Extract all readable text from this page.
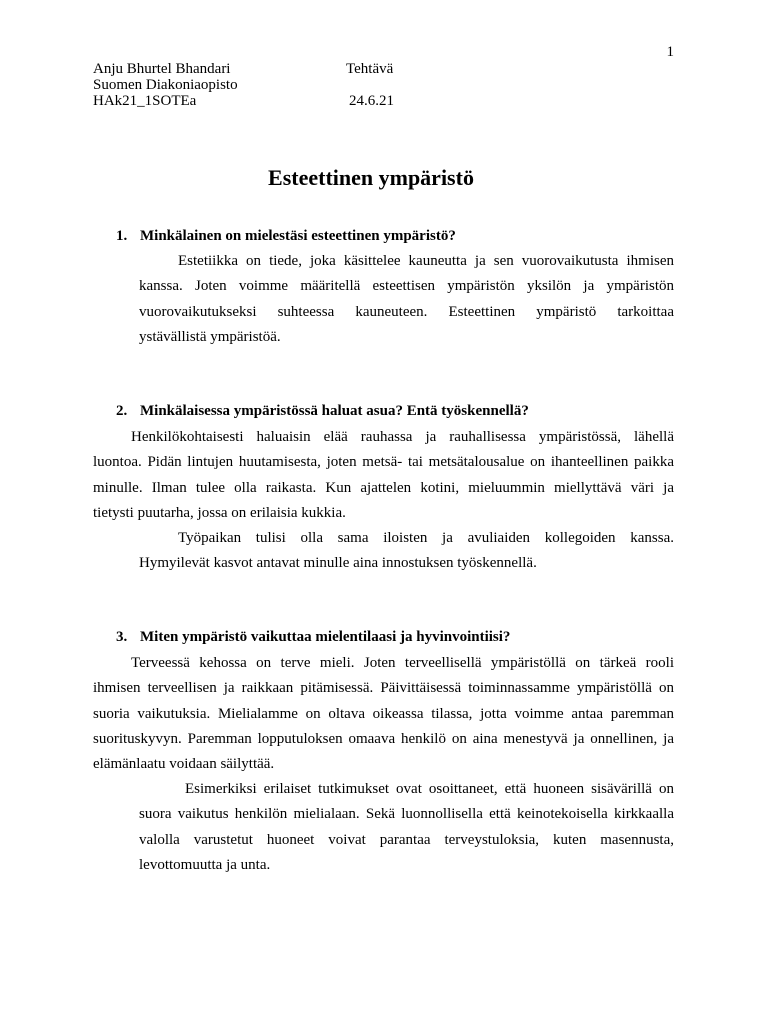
1
Anju Bhurtel Bhandari
Suomen Diakoniaopisto
HAk21_1SOTEa
Tehtävä
24.6.21
Esteettinen ympäristö
1. Minkälainen on mielestäsi esteettinen ympäristö?
Estetiikka on tiede, joka käsittelee kauneutta ja sen vuorovaikutusta ihmisen
kanssa. Joten voimme määritellä esteettisen ympäristön yksilön ja ympäristön
vuorovaikutukseksi suhteessa kauneuteen. Esteettinen ympäristö tarkoittaa
ystävällistä ympäristöä.
2. Minkälaisessa ympäristössä haluat asua? Entä työskennellä?
Henkilökohtaisesti haluaisin elää rauhassa ja rauhallisessa ympäristössä, lähellä
luontoa. Pidän lintujen huutamisesta, joten metsä- tai metsätalousalue on ihanteellinen paikka
minulle. Ilman tulee olla raikasta. Kun ajattelen kotini, mieluummin miellyttävä väri ja
tietysti puutarha, jossa on erilaisia kukkia.
Työpaikan tulisi olla sama iloisten ja avuliaiden kollegoiden kanssa.
Hymyilevät kasvot antavat minulle aina innostuksen työskennellä.
3. Miten ympäristö vaikuttaa mielentilaasi ja hyvinvointiisi?
Terveessä kehossa on terve mieli. Joten terveellisellä ympäristöllä on tärkeä rooli
ihmisen terveellisen ja raikkaan pitämisessä. Päivittäisessä toiminnassamme ympäristöllä on
suoria vaikutuksia. Mielialamme on oltava oikeassa tilassa, jotta voimme antaa paremman
suorituskyvyn. Paremman lopputuloksen omaava henkilö on aina menestyvä ja onnellinen, ja
elämänlaatu voidaan säilyttää.
Esimerkiksi erilaiset tutkimukset ovat osoittaneet, että huoneen sisävärillä on
suora vaikutus henkilön mielialaan. Sekä luonnollisella että keinotekoisella kirkkaalla
valolla varustetut huoneet voivat parantaa terveystuloksia, kuten masennusta,
levottomuutta ja unta.
